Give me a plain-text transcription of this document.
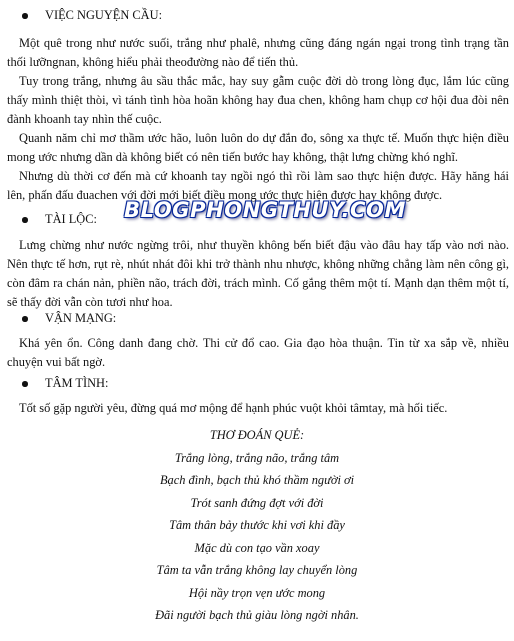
VIỆC NGUYỆN CẦU:

Một quê trong như nước suối, trắng như phalê, nhưng cũng đáng ngán ngại trong tình trạng tần thối lưỡngnan, không hiểu phải theođường nào để tiến thủ.

Tuy trong trắng, nhưng âu sầu thắc mắc, hay suy gẫm cuộc đời dò trong lòng đục, lắm lúc cũng thấy mình thiệt thòi, vì tánh tình hòa hoãn không hay đua chen, không ham chụp cơ hội đua đòi nên đành khoanh tay nhìn thế cuộc.

Quanh năm chỉ mơ thầm ước hão, luôn luôn do dự đắn đo, sông xa thực tế. Muốn thực hiện điều mong ước nhưng dần dà không biết có nên tiến bước hay không, thật lưng chừng khó nghĩ.

Nhưng dù thời cơ đến mà cứ khoanh tay ngồi ngó thì rồi làm sao thực hiện được. Hãy hăng hái lên, phấn đấu đuachen với đời mới biết điều mong ước thực hiện được hay không được.

TÀI LỘC:

Lưng chừng như nước ngừng trôi, như thuyền không bến biết đậu vào đâu hay tấp vào nơi nào. Nên thực tế hơn, rụt rè, nhút nhát đôi khi trở thành nhu nhược, không những chẳng làm nên công gì, còn đâm ra chán nản, phiền não, trách đời, trách mình. Cố gắng thêm một tí. Mạnh dạn thêm một tí, sẽ thấy đời vẫn còn tươi như hoa.

VẬN MẠNG:

Khá yên ổn. Công danh đang chờ. Thi cử đổ cao. Gia đạo hòa thuận. Tin từ xa sắp về, nhiều chuyện vui bất ngờ.

TÂM TÌNH:

Tốt số gặp người yêu, đừng quá mơ mộng để hạnh phúc vuột khỏi tâmtay, mà hối tiếc.

THƠ ĐOÁN QUẺ:
Trắng lòng, trắng não, trắng tâm
Bạch đình, bạch thủ khó thầm người ơi
Trót sanh đứng đợt với đời
Tâm thân bảy thước khi vơi khi đầy
Mặc dù con tạo vần xoay
Tâm ta vẫn trắng không lay chuyển lòng
Hội nầy trọn vẹn ước mong
Đãi người bạch thủ giàu lòng ngời nhân.
BLOGPHONGTHUY.COM
